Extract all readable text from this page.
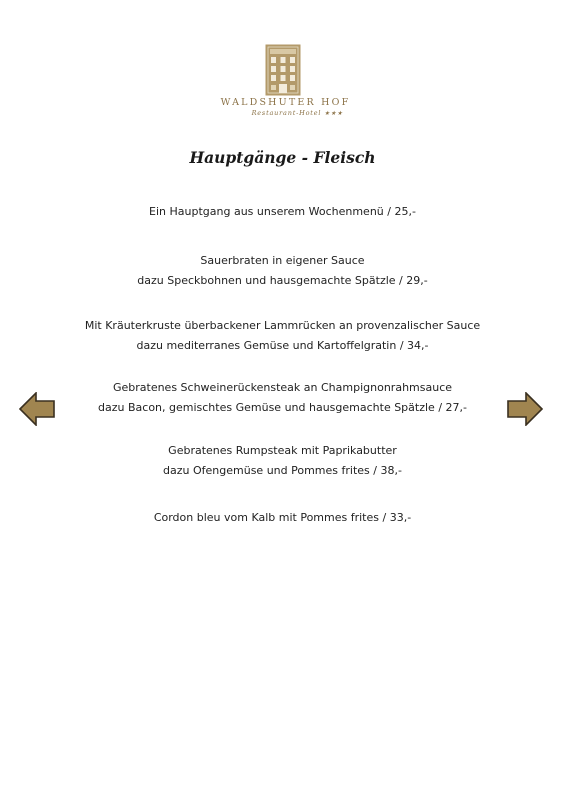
WALDSHUTER HOF
Restaurant-Hotel ★★★
Hauptgänge - Fleisch
Ein Hauptgang aus unserem Wochenmenü / 25,-
Sauerbraten in eigener Sauce
dazu Speckbohnen und hausgemachte Spätzle / 29,-
Mit Kräuterkruste überbackener Lammrücken an provenzalischer Sauce
dazu mediterranes Gemüse und Kartoffelgratin / 34,-
Gebratenes Schweinerückensteak an Champignonrahmsauce
dazu Bacon, gemischtes Gemüse und hausgemachte Spätzle / 27,-
Gebratenes Rumpsteak mit Paprikabutter
dazu Ofengemüse und Pommes frites / 38,-
Cordon bleu vom Kalb mit Pommes frites / 33,-
